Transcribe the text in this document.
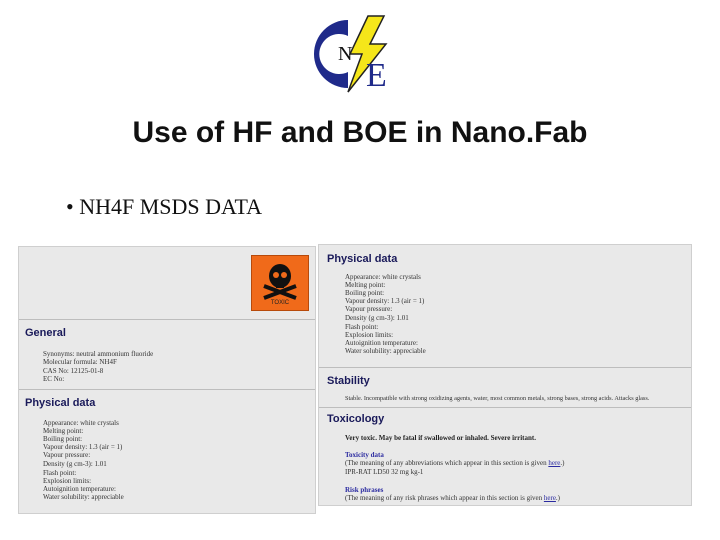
N
E
Use of HF and BOE in Nano.Fab
• NH4F MSDS DATA
TOXIC
General
Synonyms: neutral ammonium fluoride
Molecular formula: NH4F
CAS No: 12125-01-8
EC No:
Physical data
Appearance: white crystals
Melting point:
Boiling point:
Vapour density: 1.3 (air = 1)
Vapour pressure:
Density (g cm-3): 1.01
Flash point:
Explosion limits:
Autoignition temperature:
Water solubility: appreciable
Physical data
Appearance: white crystals
Melting point:
Boiling point:
Vapour density: 1.3 (air = 1)
Vapour pressure:
Density (g cm-3): 1.01
Flash point:
Explosion limits:
Autoignition temperature:
Water solubility: appreciable
Stability
Stable. Incompatible with strong oxidizing agents, water, most common metals, strong bases, strong acids. Attacks glass.
Toxicology
Very toxic. May be fatal if swallowed or inhaled. Severe irritant.
Toxicity data
(The meaning of any abbreviations which appear in this section is given here.)
IPR-RAT LD50 32 mg kg-1
Risk phrases
(The meaning of any risk phrases which appear in this section is given here.)
